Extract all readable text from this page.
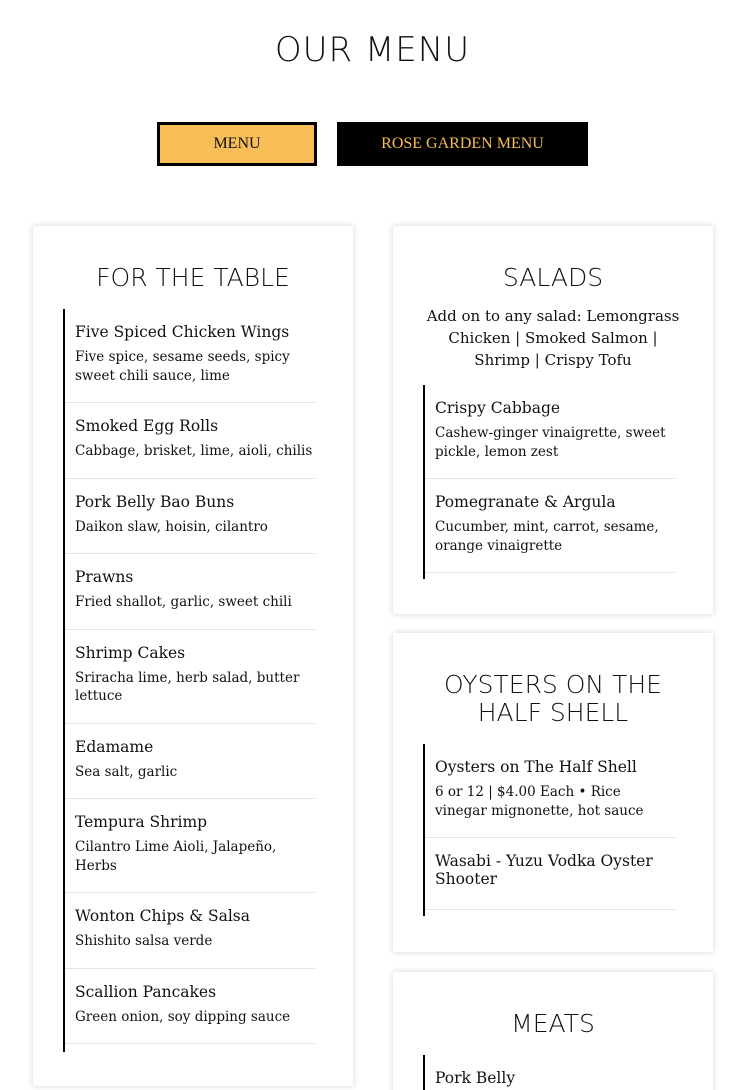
OUR MENU
MENU	ROSE GARDEN MENU
FOR THE TABLE
Five Spiced Chicken Wings
Five spice, sesame seeds, spicy sweet chili sauce, lime
Smoked Egg Rolls
Cabbage, brisket, lime, aioli, chilis
Pork Belly Bao Buns
Daikon slaw, hoisin, cilantro
Prawns
Fried shallot, garlic, sweet chili
Shrimp Cakes
Sriracha lime, herb salad, butter lettuce
Edamame
Sea salt, garlic
Tempura Shrimp
Cilantro Lime Aioli, Jalapeño, Herbs
Wonton Chips & Salsa
Shishito salsa verde
Scallion Pancakes
Green onion, soy dipping sauce
SALADS
Add on to any salad: Lemongrass Chicken | Smoked Salmon | Shrimp | Crispy Tofu
Crispy Cabbage
Cashew-ginger vinaigrette, sweet pickle, lemon zest
Pomegranate & Argula
Cucumber, mint, carrot, sesame, orange vinaigrette
OYSTERS ON THE
HALF SHELL
Oysters on The Half Shell
6 or 12 | $4.00 Each • Rice vinegar mignonette, hot sauce
Wasabi - Yuzu Vodka Oyster Shooter
MEATS
Pork Belly
